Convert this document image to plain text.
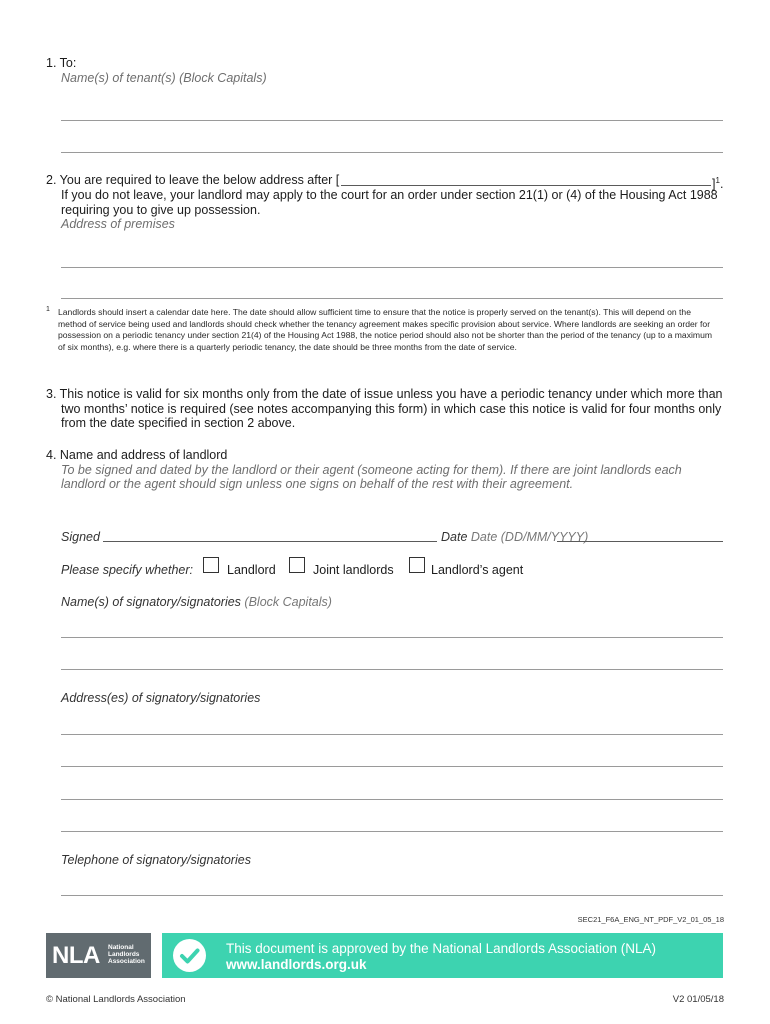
1. To:
Name(s) of tenant(s) (Block Capitals)
2. You are required to leave the below address after [	]$^1$.
If you do not leave, your landlord may apply to the court for an order under section 21(1) or (4) of the Housing Act 1988
requiring you to give up possession.
Address of premises
1 Landlords should insert a calendar date here. The date should allow sufficient time to ensure that the notice is properly served on the tenant(s). This will depend on the method of service being used and landlords should check whether the tenancy agreement makes specific provision about service. Where landlords are seeking an order for possession on a periodic tenancy under section 21(4) of the Housing Act 1988, the notice period should also not be shorter than the period of the tenancy (up to a maximum of six months), e.g. where there is a quarterly periodic tenancy, the date should be three months from the date of service.
3. This notice is valid for six months only from the date of issue unless you have a periodic tenancy under which more than
two months’ notice is required (see notes accompanying this form) in which case this notice is valid for four months only
from the date specified in section 2 above.
4. Name and address of landlord
To be signed and dated by the landlord or their agent (someone acting for them). If there are joint landlords each
landlord or the agent should sign unless one signs on behalf of the rest with their agreement.
Signed	Date Date (DD/MM/YYYY)
Please specify whether:	Landlord	Joint landlords	Landlord’s agent
Name(s) of signatory/signatories (Block Capitals)
Address(es) of signatory/signatories
Telephone of signatory/signatories
SEC21_F6A_ENG_NT_PDF_V2_01_05_18
NLA National
Landlords
Association
This document is approved by the National Landlords Association (NLA)
www.landlords.org.uk
© National Landlords Association	V2 01/05/18
